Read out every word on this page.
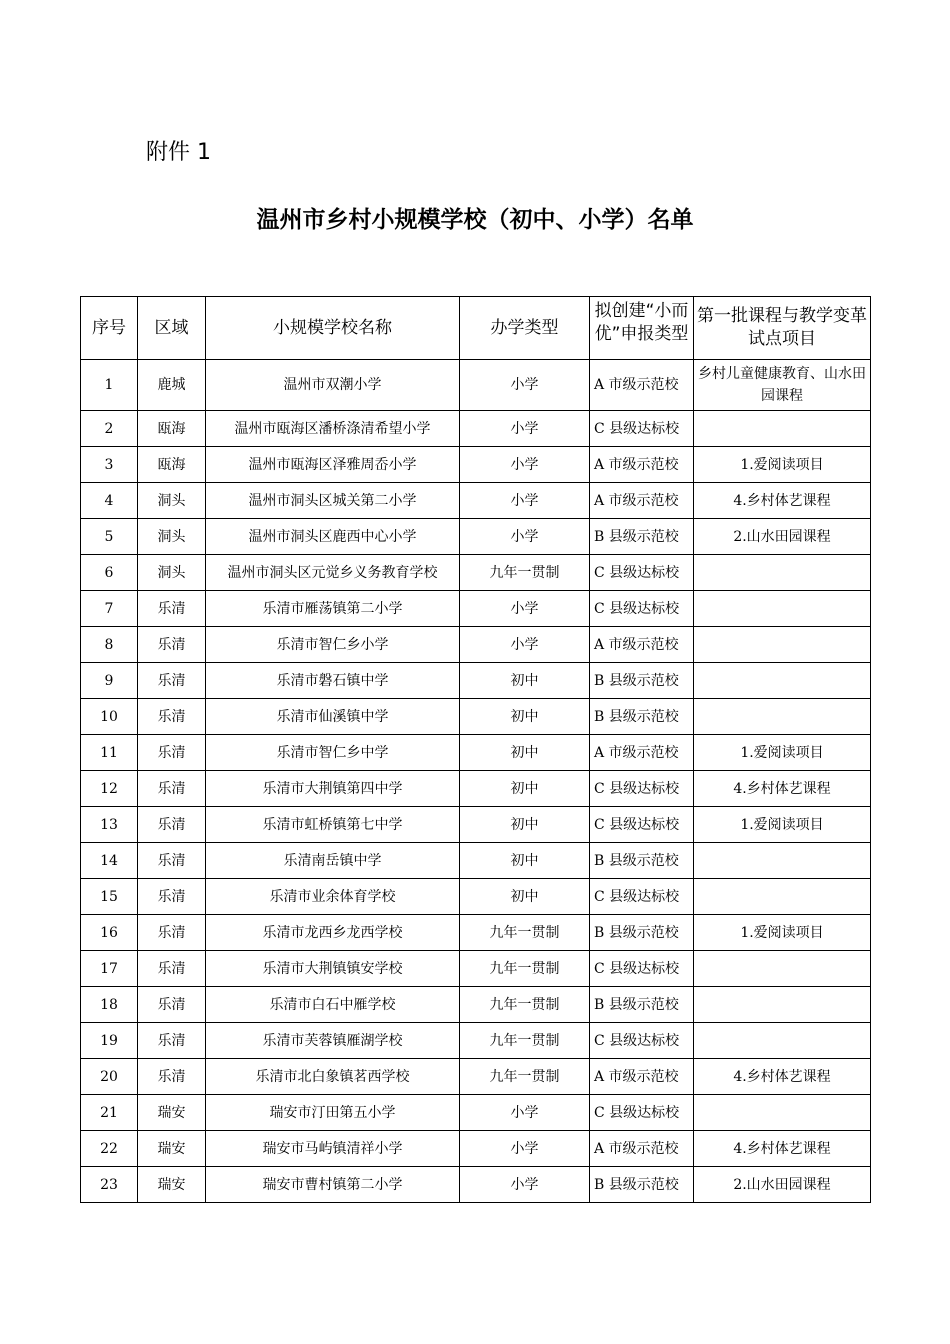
附件 1
温州市乡村小规模学校（初中、小学）名单
序号	区域	小规模学校名称	办学类型	拟创建“小而优”申报类型	第一批课程与教学变革试点项目

1	鹿城	温州市双潮小学	小学	A 市级示范校	乡村儿童健康教育、山水田园课程
2	瓯海	温州市瓯海区潘桥涤清希望小学	小学	C 县级达标校	
3	瓯海	温州市瓯海区泽雅周岙小学	小学	A 市级示范校	1.爱阅读项目
4	洞头	温州市洞头区城关第二小学	小学	A 市级示范校	4.乡村体艺课程
5	洞头	温州市洞头区鹿西中心小学	小学	B 县级示范校	2.山水田园课程
6	洞头	温州市洞头区元觉乡义务教育学校	九年一贯制	C 县级达标校	
7	乐清	乐清市雁荡镇第二小学	小学	C 县级达标校	
8	乐清	乐清市智仁乡小学	小学	A 市级示范校	
9	乐清	乐清市磐石镇中学	初中	B 县级示范校	
10	乐清	乐清市仙溪镇中学	初中	B 县级示范校	
11	乐清	乐清市智仁乡中学	初中	A 市级示范校	1.爱阅读项目
12	乐清	乐清市大荆镇第四中学	初中	C 县级达标校	4.乡村体艺课程
13	乐清	乐清市虹桥镇第七中学	初中	C 县级达标校	1.爱阅读项目
14	乐清	乐清南岳镇中学	初中	B 县级示范校	
15	乐清	乐清市业余体育学校	初中	C 县级达标校	
16	乐清	乐清市龙西乡龙西学校	九年一贯制	B 县级示范校	1.爱阅读项目
17	乐清	乐清市大荆镇镇安学校	九年一贯制	C 县级达标校	
18	乐清	乐清市白石中雁学校	九年一贯制	B 县级示范校	
19	乐清	乐清市芙蓉镇雁湖学校	九年一贯制	C 县级达标校	
20	乐清	乐清市北白象镇茗西学校	九年一贯制	A 市级示范校	4.乡村体艺课程
21	瑞安	瑞安市汀田第五小学	小学	C 县级达标校	
22	瑞安	瑞安市马屿镇清祥小学	小学	A 市级示范校	4.乡村体艺课程
23	瑞安	瑞安市曹村镇第二小学	小学	B 县级示范校	2.山水田园课程
